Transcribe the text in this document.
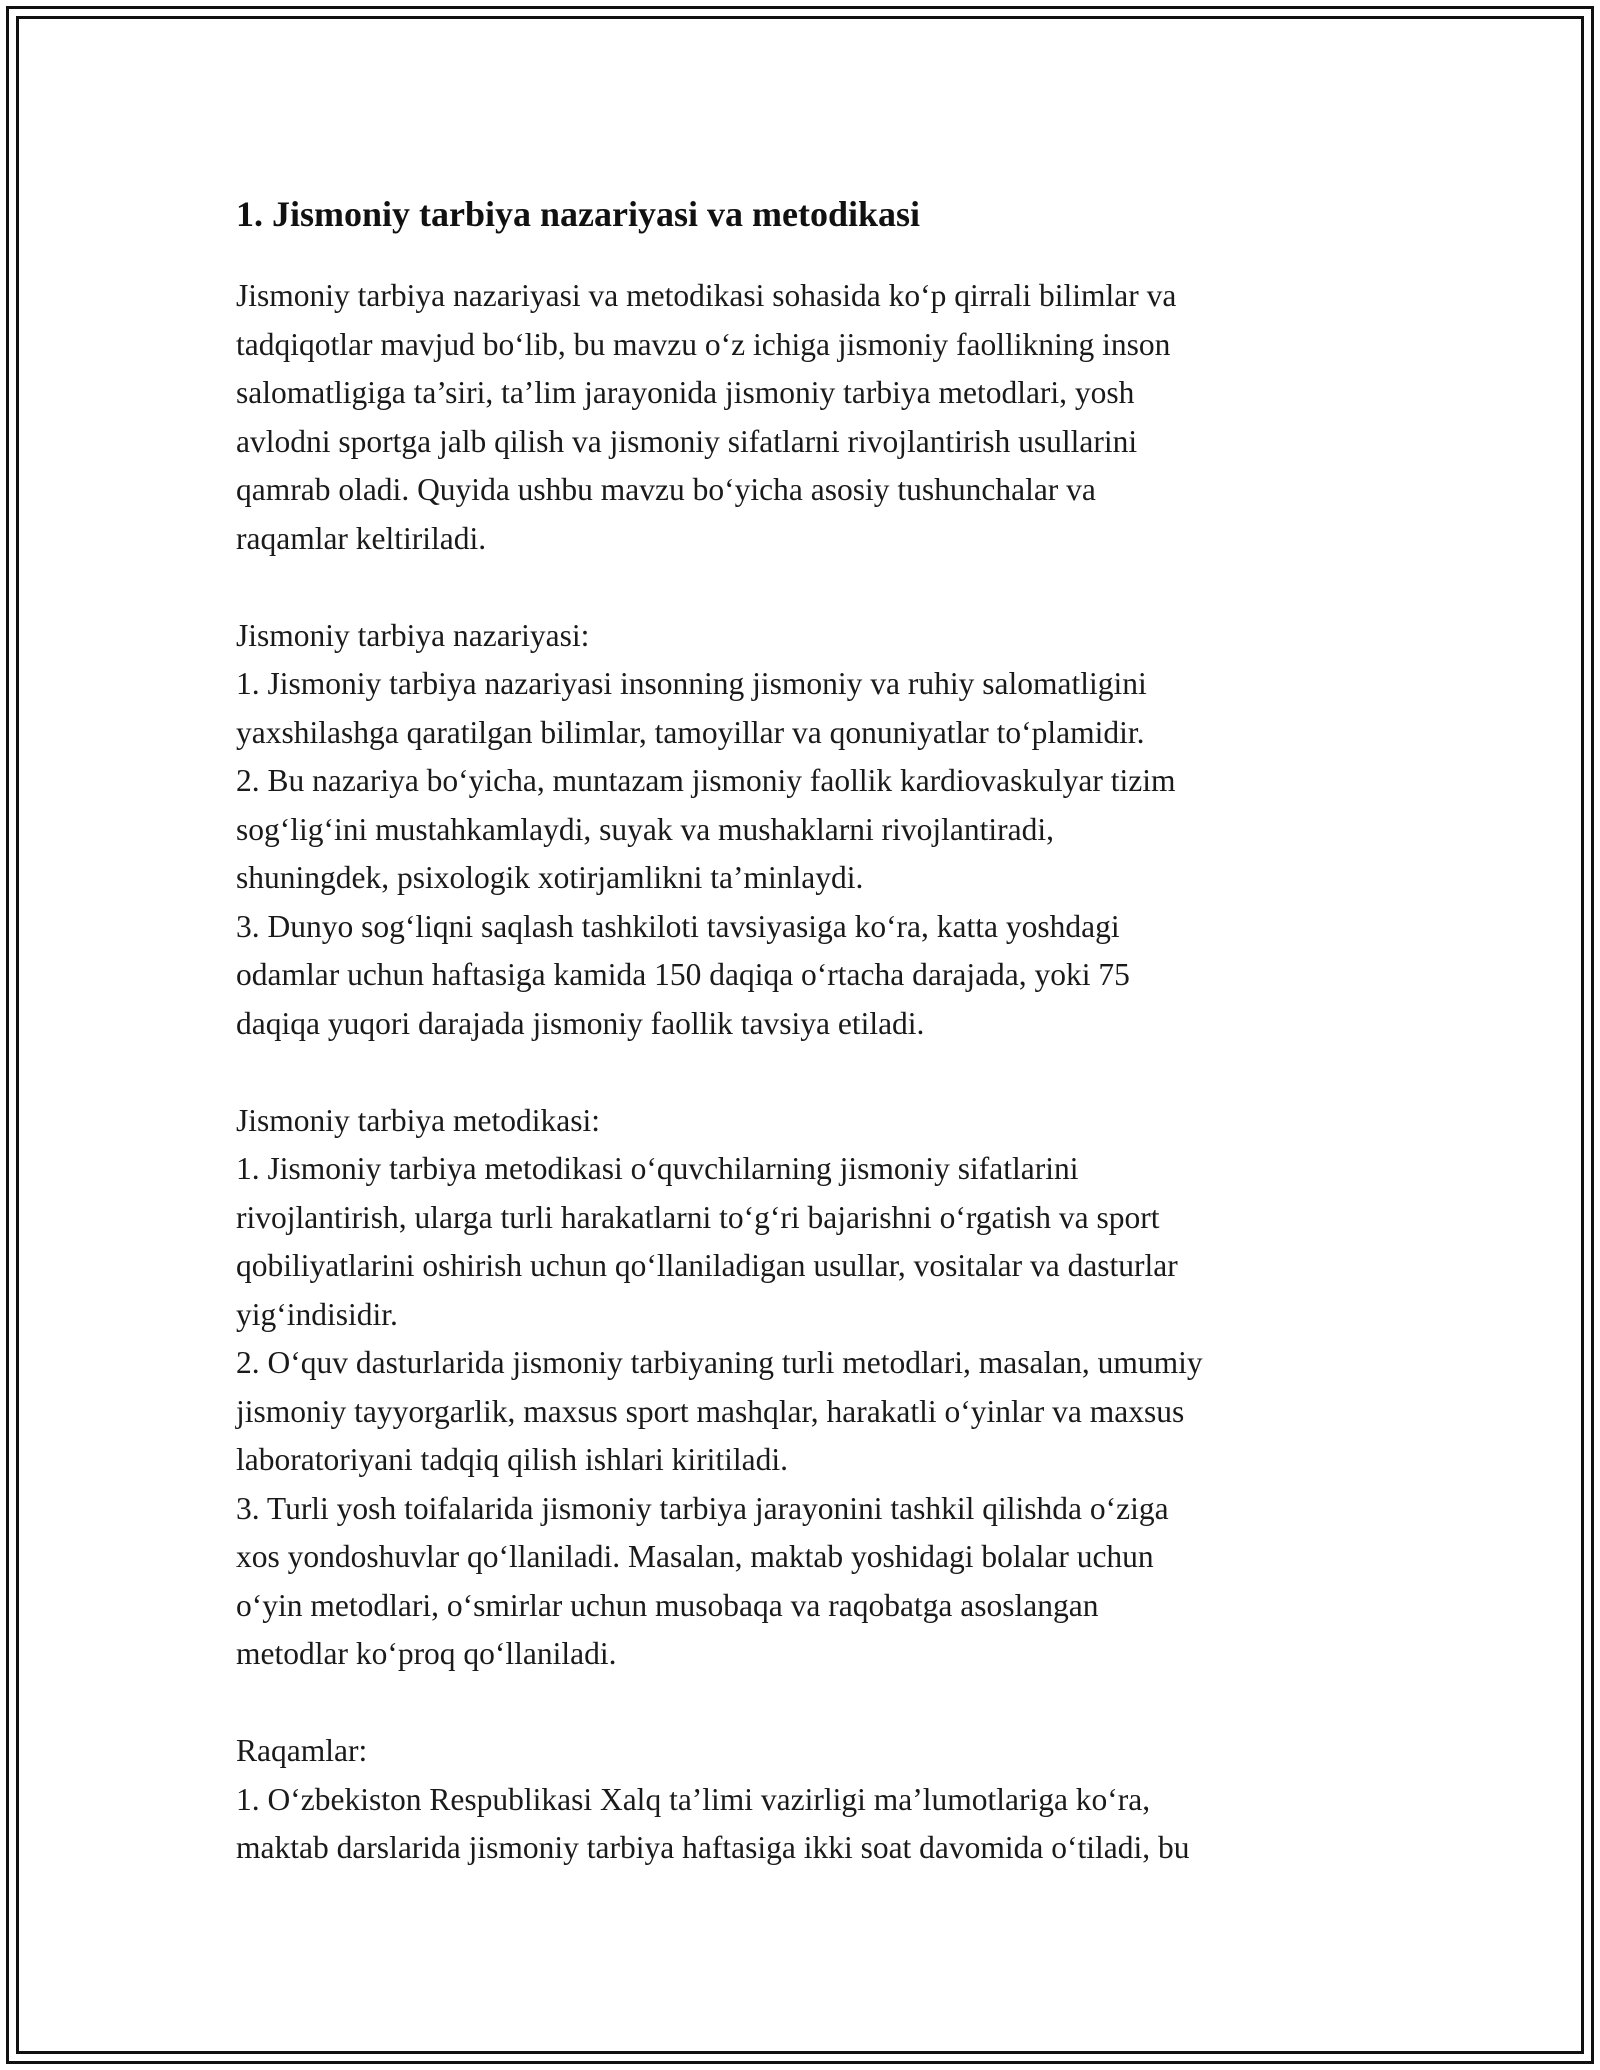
1. Jismoniy tarbiya nazariyasi va metodikasi

Jismoniy tarbiya nazariyasi va metodikasi sohasida ko‘p qirrali bilimlar va
tadqiqotlar mavjud bo‘lib, bu mavzu o‘z ichiga jismoniy faollikning inson
salomatligiga ta’siri, ta’lim jarayonida jismoniy tarbiya metodlari, yosh
avlodni sportga jalb qilish va jismoniy sifatlarni rivojlantirish usullarini
qamrab oladi. Quyida ushbu mavzu bo‘yicha asosiy tushunchalar va
raqamlar keltiriladi.

Jismoniy tarbiya nazariyasi:

1. Jismoniy tarbiya nazariyasi insonning jismoniy va ruhiy salomatligini
yaxshilashga qaratilgan bilimlar, tamoyillar va qonuniyatlar to‘plamidir.

2. Bu nazariya bo‘yicha, muntazam jismoniy faollik kardiovaskulyar tizim
sog‘lig‘ini mustahkamlaydi, suyak va mushaklarni rivojlantiradi,
shuningdek, psixologik xotirjamlikni ta’minlaydi.

3. Dunyo sog‘liqni saqlash tashkiloti tavsiyasiga ko‘ra, katta yoshdagi
odamlar uchun haftasiga kamida 150 daqiqa o‘rtacha darajada, yoki 75
daqiqa yuqori darajada jismoniy faollik tavsiya etiladi.

Jismoniy tarbiya metodikasi:

1. Jismoniy tarbiya metodikasi o‘quvchilarning jismoniy sifatlarini
rivojlantirish, ularga turli harakatlarni to‘g‘ri bajarishni o‘rgatish va sport
qobiliyatlarini oshirish uchun qo‘llaniladigan usullar, vositalar va dasturlar
yig‘indisidir.

2. O‘quv dasturlarida jismoniy tarbiyaning turli metodlari, masalan, umumiy
jismoniy tayyorgarlik, maxsus sport mashqlar, harakatli o‘yinlar va maxsus
laboratoriyani tadqiq qilish ishlari kiritiladi.

3. Turli yosh toifalarida jismoniy tarbiya jarayonini tashkil qilishda o‘ziga
xos yondoshuvlar qo‘llaniladi. Masalan, maktab yoshidagi bolalar uchun
o‘yin metodlari, o‘smirlar uchun musobaqa va raqobatga asoslangan
metodlar ko‘proq qo‘llaniladi.

Raqamlar:

1. O‘zbekiston Respublikasi Xalq ta’limi vazirligi ma’lumotlariga ko‘ra,
maktab darslarida jismoniy tarbiya haftasiga ikki soat davomida o‘tiladi, bu
